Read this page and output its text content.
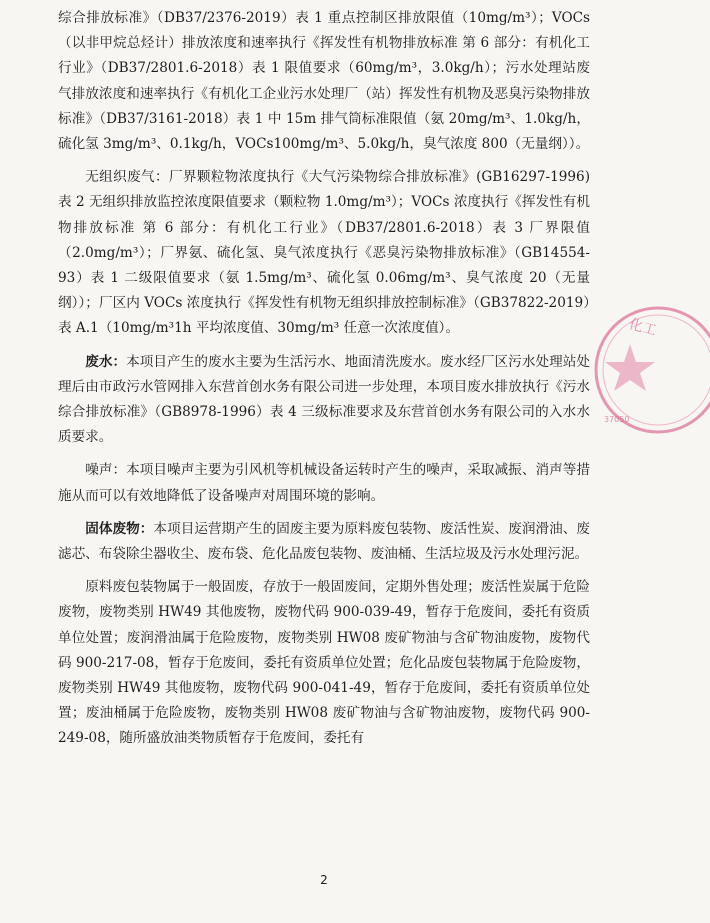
综合排放标准》（DB37/2376-2019）表 1 重点控制区排放限值（10mg/m³）；VOCs（以非甲烷总烃计）排放浓度和速率执行《挥发性有机物排放标准 第 6 部分：有机化工行业》（DB37/2801.6-2018）表 1 限值要求（60mg/m³，3.0kg/h）；污水处理站废气排放浓度和速率执行《有机化工企业污水处理厂（站）挥发性有机物及恶臭污染物排放标准》（DB37/3161-2018）表 1 中 15m 排气筒标准限值（氨 20mg/m³、1.0kg/h，硫化氢 3mg/m³、0.1kg/h，VOCs100mg/m³、5.0kg/h，臭气浓度 800（无量纲））。

无组织废气：厂界颗粒物浓度执行《大气污染物综合排放标准》(GB16297-1996)表 2 无组织排放监控浓度限值要求（颗粒物 1.0mg/m³）；VOCs 浓度执行《挥发性有机物排放标准 第 6 部分：有机化工行业》（DB37/2801.6-2018）表 3 厂界限值（2.0mg/m³）；厂界氨、硫化氢、臭气浓度执行《恶臭污染物排放标准》（GB14554-93）表 1 二级限值要求（氨 1.5mg/m³、硫化氢 0.06mg/m³、臭气浓度 20（无量纲））；厂区内 VOCs 浓度执行《挥发性有机物无组织排放控制标准》（GB37822-2019）表 A.1（10mg/m³1h 平均浓度值、30mg/m³ 任意一次浓度值）。

废水：本项目产生的废水主要为生活污水、地面清洗废水。废水经厂区污水处理站处理后由市政污水管网排入东营首创水务有限公司进一步处理，本项目废水排放执行《污水综合排放标准》（GB8978-1996）表 4 三级标准要求及东营首创水务有限公司的入水水质要求。

噪声：本项目噪声主要为引风机等机械设备运转时产生的噪声，采取减振、消声等措施从而可以有效地降低了设备噪声对周围环境的影响。

固体废物：本项目运营期产生的固废主要为原料废包装物、废活性炭、废润滑油、废滤芯、布袋除尘器收尘、废布袋、危化品废包装物、废油桶、生活垃圾及污水处理污泥。

原料废包装物属于一般固废，存放于一般固废间，定期外售处理；废活性炭属于危险废物，废物类别 HW49 其他废物，废物代码 900-039-49，暂存于危废间，委托有资质单位处置；废润滑油属于危险废物，废物类别 HW08 废矿物油与含矿物油废物，废物代码 900-217-08，暂存于危废间，委托有资质单位处置；危化品废包装物属于危险废物，废物类别 HW49 其他废物，废物代码 900-041-49，暂存于危废间，委托有资质单位处置；废油桶属于危险废物，废物类别 HW08 废矿物油与含矿物油废物，废物代码 900-249-08，随所盛放油类物质暂存于危废间，委托有

化工
37050
2
